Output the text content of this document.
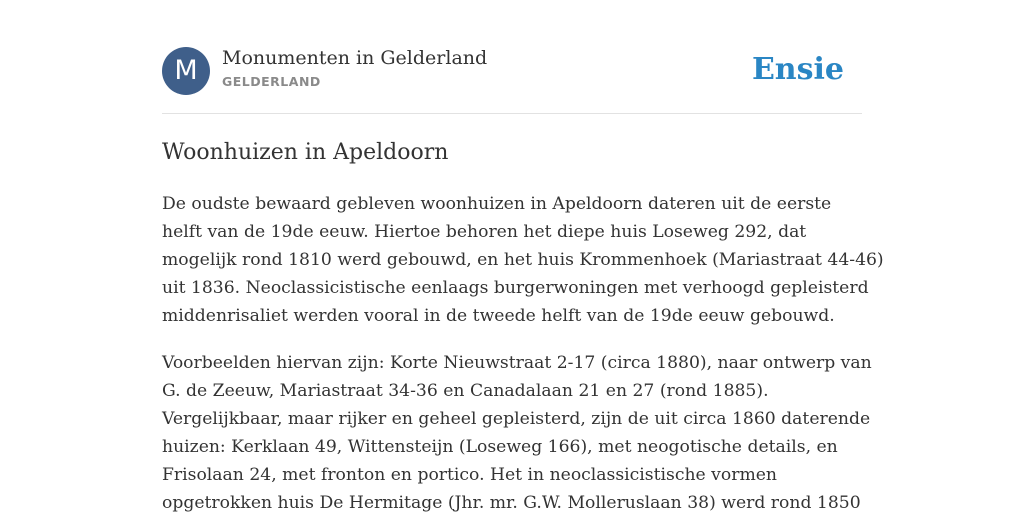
M	Monumenten in Gelderland
GELDERLAND	Ensie
Woonhuizen in Apeldoorn

De oudste bewaard gebleven woonhuizen in Apeldoorn dateren uit de eerste
helft van de 19de eeuw. Hiertoe behoren het diepe huis Loseweg 292, dat
mogelijk rond 1810 werd gebouwd, en het huis Krommenhoek (Mariastraat 44-46)
uit 1836. Neoclassicistische eenlaags burgerwoningen met verhoogd gepleisterd
middenrisaliet werden vooral in de tweede helft van de 19de eeuw gebouwd.

Voorbeelden hiervan zijn: Korte Nieuwstraat 2-17 (circa 1880), naar ontwerp van
G. de Zeeuw, Mariastraat 34-36 en Canadalaan 21 en 27 (rond 1885).
Vergelijkbaar, maar rijker en geheel gepleisterd, zijn de uit circa 1860 daterende
huizen: Kerklaan 49, Wittensteijn (Loseweg 166), met neogotische details, en
Frisolaan 24, met fronton en portico. Het in neoclassicistische vormen
opgetrokken huis De Hermitage (Jhr. mr. G.W. Molleruslaan 38) werd rond 1850
